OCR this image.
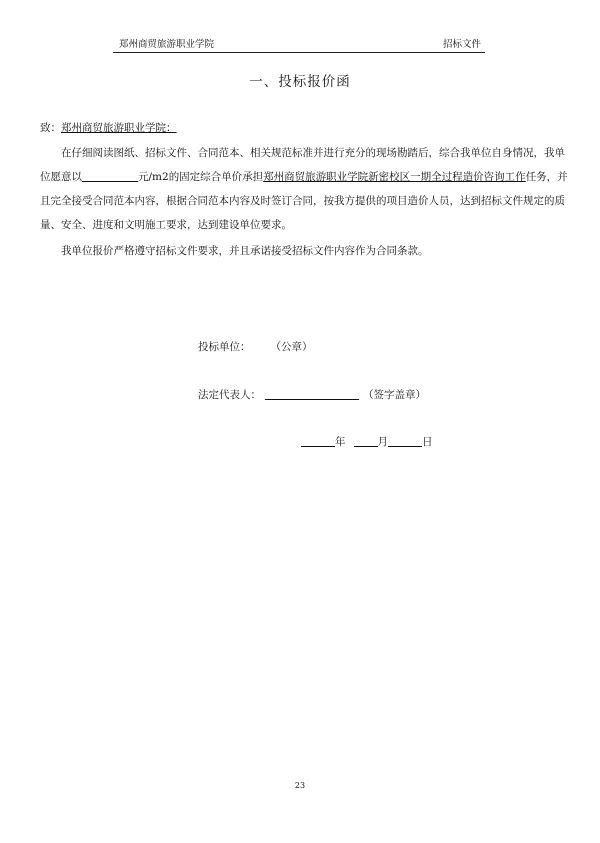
郑州商贸旅游职业学院	招标文件
一、投标报价函
致：郑州商贸旅游职业学院：
在仔细阅读图纸、招标文件、合同范本、相关规范标准并进行充分的现场勘踏后，综合我单位自身情况，我单位愿意以	元/m2的固定综合单价承担郑州商贸旅游职业学院新密校区一期全过程造价咨询工作任务，并且完全接受合同范本内容，根据合同范本内容及时签订合同，按我方提供的项目造价人员，达到招标文件规定的质量、安全、进度和文明施工要求，达到建设单位要求。
我单位报价严格遵守招标文件要求，并且承诺接受招标文件内容作为合同条款。
投标单位： （公章）
法定代表人：	（签字盖章）
年	月	日
23
